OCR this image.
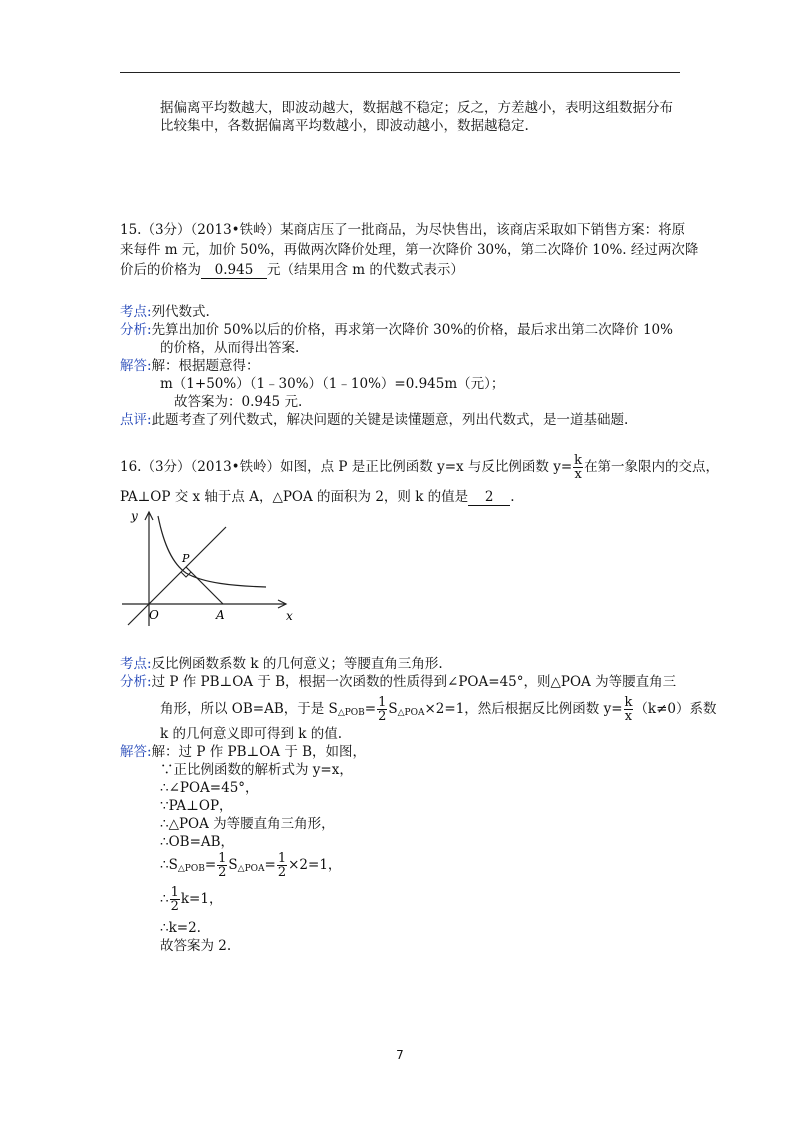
据偏离平均数越大，即波动越大，数据越不稳定；反之，方差越小，表明这组数据分布
比较集中，各数据偏离平均数越小，即波动越小，数据越稳定.
15.（3分）（2013•铁岭）某商店压了一批商品，为尽快售出，该商店采取如下销售方案：将原
来每件 m 元，加价 50%，再做两次降价处理，第一次降价 30%，第二次降价 10%. 经过两次降
价后的价格为 0.945 元（结果用含 m 的代数式表示）
考点:列代数式.
分析:先算出加价 50%以后的价格，再求第一次降价 30%的价格，最后求出第二次降价 10%
的价格，从而得出答案.
解答:解：根据题意得：
m（1+50%）（1﹣30%）（1﹣10%）=0.945m（元）；
故答案为：0.945 元.
点评:此题考查了列代数式，解决问题的关键是读懂题意，列出代数式，是一道基础题.
16.（3分）（2013•铁岭）如图，点 P 是正比例函数 y=x 与反比例函数 $y= \frac{k}{x}$ 在第一象限内的交点，
PA⊥OP 交 x 轴于点 A，△POA 的面积为 2，则 k 的值是 2 .
y
x
O
P
A
考点:反比例函数系数 k 的几何意义；等腰直角三角形.
分析:过 P 作 PB⊥OA 于 B，根据一次函数的性质得到∠POA=45°，则△POA 为等腰直角三
角形，所以 OB=AB，于是 $S_{\triangle POB}= \frac{1}{2} S_{\triangle POA}\times 2=1$，然后根据反比例函数 $y= \frac{k}{x} (k\ne 0)$系数
k 的几何意义即可得到 k 的值.
解答:解：过 P 作 PB⊥OA 于 B，如图，
∵正比例函数的解析式为 y=x，
∴∠POA=45°，
∵PA⊥OP，
∴△POA 为等腰直角三角形，
∴OB=AB，
$\therefore S_{\triangle POB}= \frac{1}{2} S_{\triangle POA}= \frac{1}{2} \times 2=1$，
∴ $\frac{1}{2} k=1$，
∴k=2.
故答案为 2.
7
